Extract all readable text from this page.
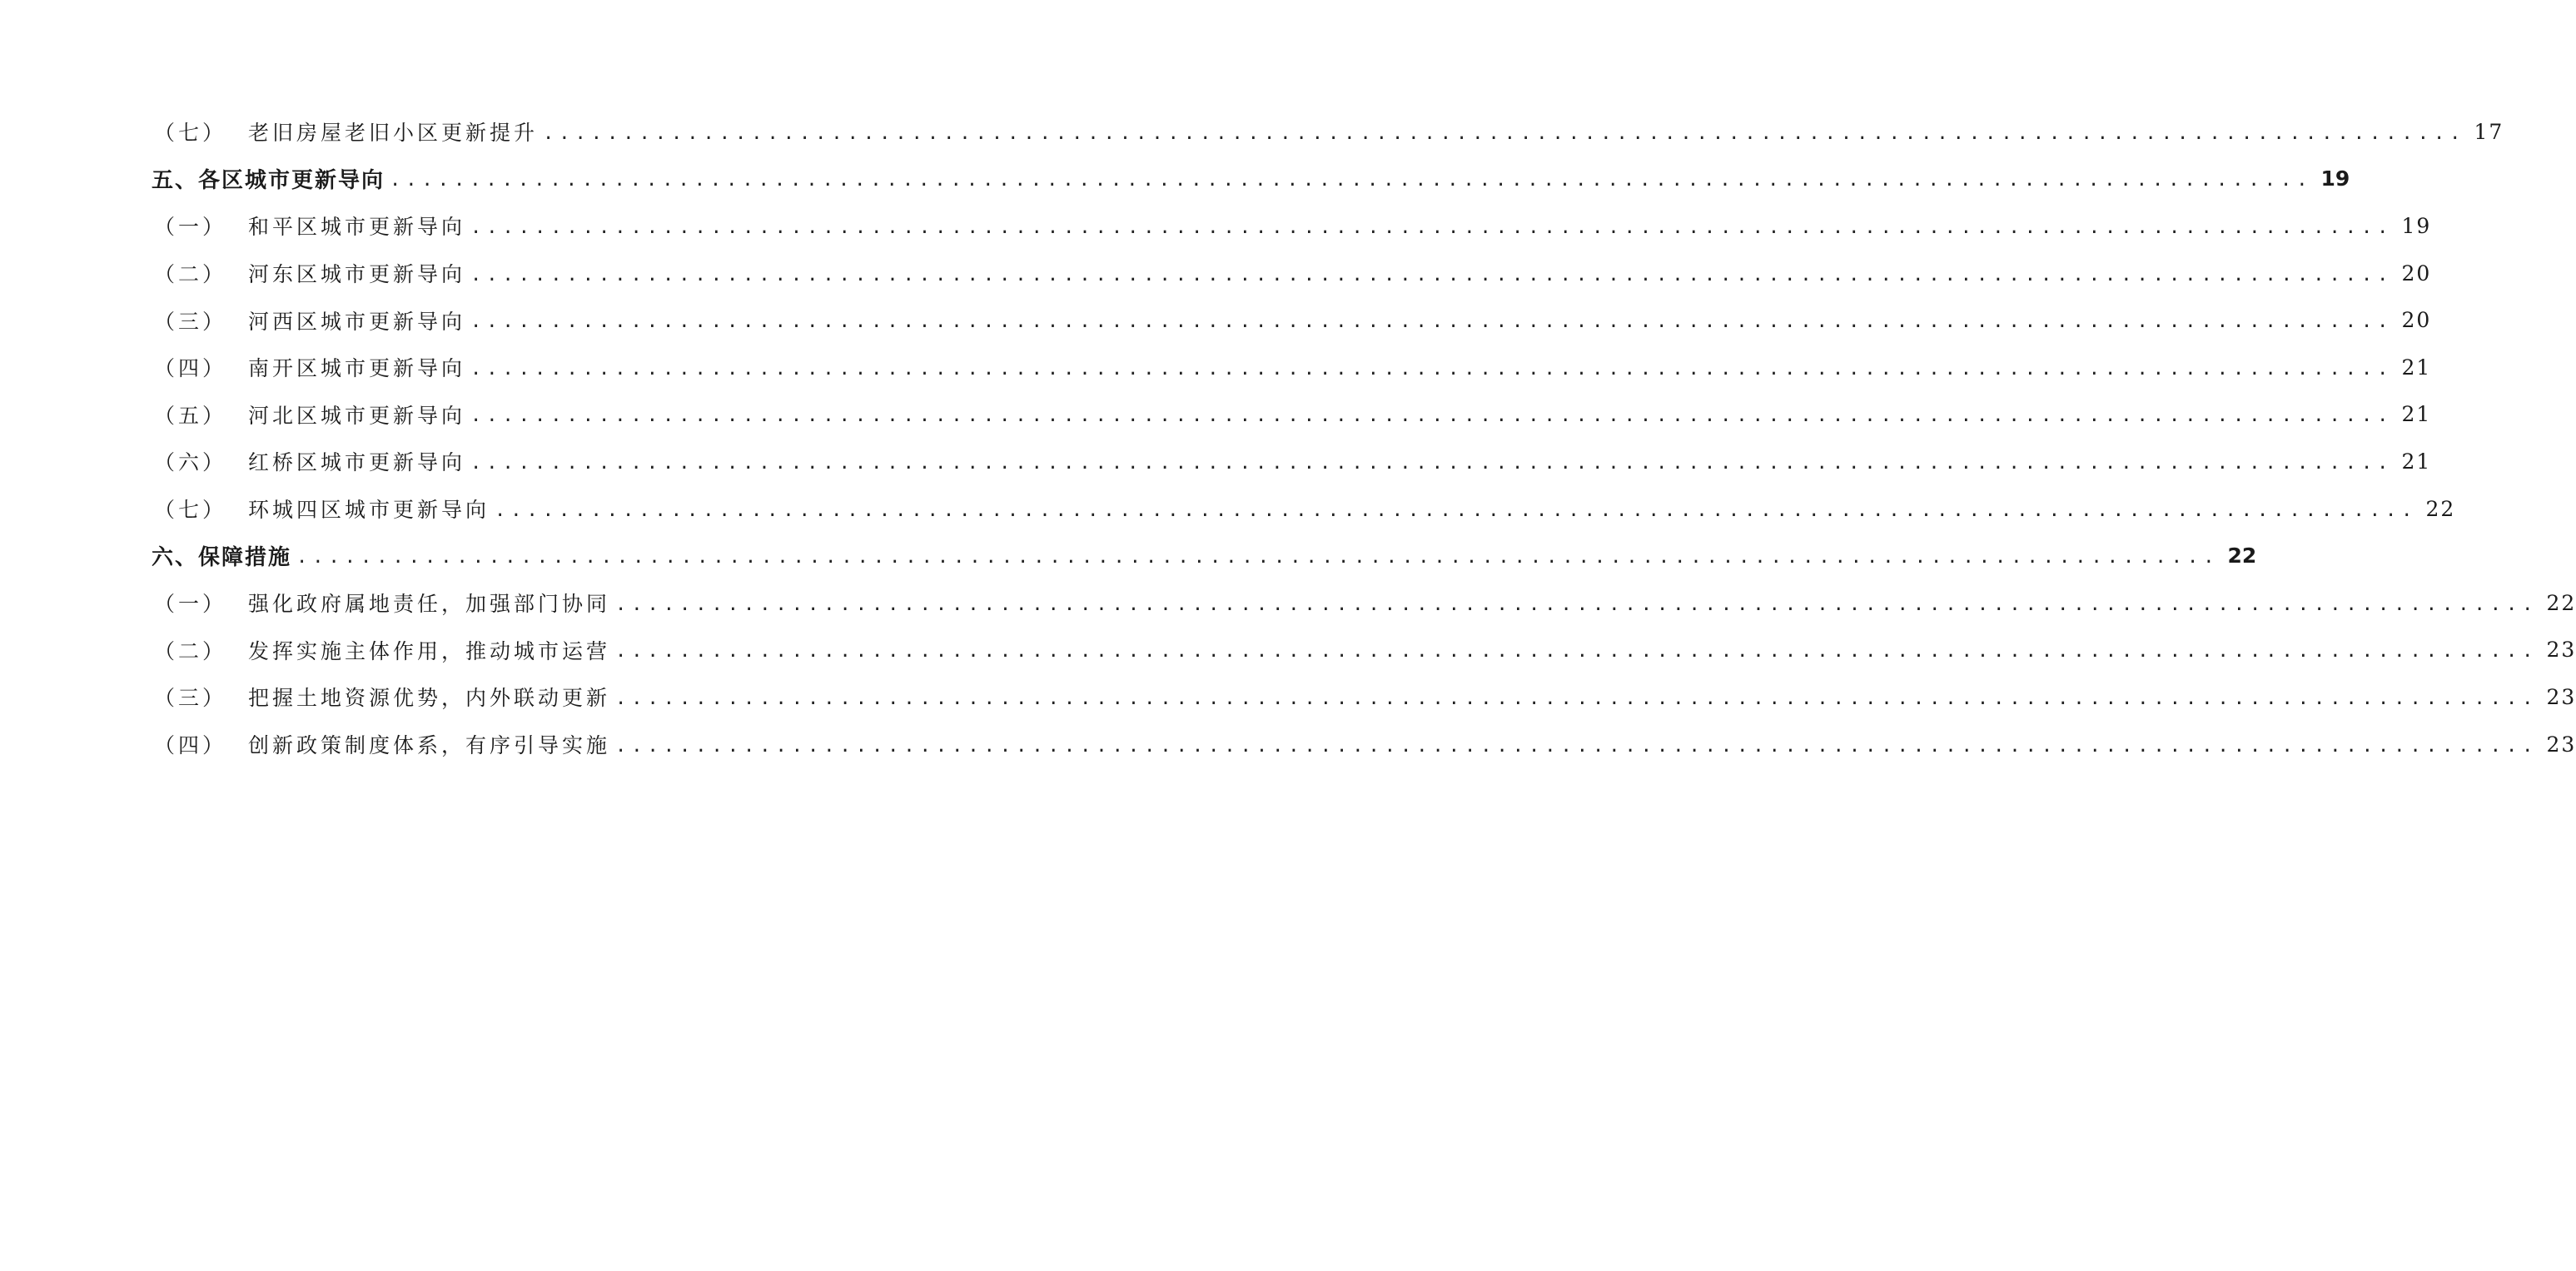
（七）	老旧房屋老旧小区更新提升 ........................................................................................................................ 17
五、 各区城市更新导向 ........................................................................................................................ 19
（一）	和平区城市更新导向 ........................................................................................................................ 19
（二）	河东区城市更新导向 ........................................................................................................................ 20
（三）	河西区城市更新导向 ........................................................................................................................ 20
（四）	南开区城市更新导向 ........................................................................................................................ 21
（五）	河北区城市更新导向 ........................................................................................................................ 21
（六）	红桥区城市更新导向 ........................................................................................................................ 21
（七）	环城四区城市更新导向 ........................................................................................................................ 22
六、 保障措施 ........................................................................................................................ 22
（一）	强化政府属地责任，加强部门协同 ........................................................................................................................ 22
（二）	发挥实施主体作用，推动城市运营 ........................................................................................................................ 23
（三）	把握土地资源优势，内外联动更新 ........................................................................................................................ 23
（四）	创新政策制度体系，有序引导实施 ........................................................................................................................ 23
